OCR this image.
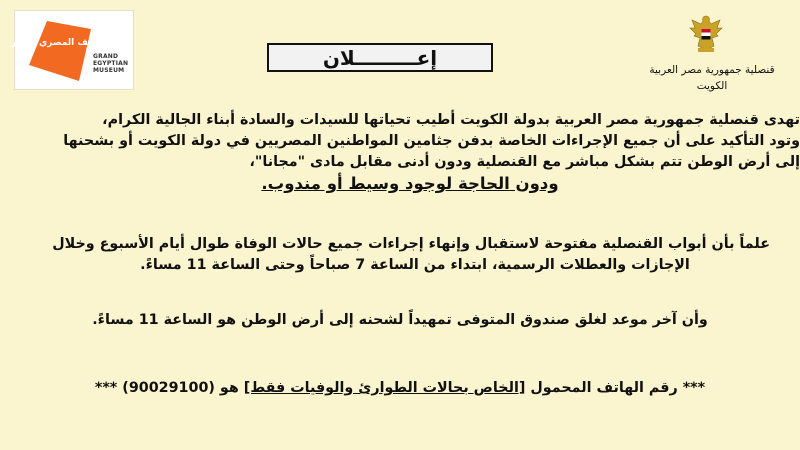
المتحف المصري الكبير
GRAND
EGYPTIAN
MUSEUM
إعـــــــــلان
قنصلية جمهورية مصر العربية
الكويت
تهدى قنصلية جمهورية مصر العربية بدولة الكويت أطيب تحياتها للسيدات والسادة أبناء الجالية الكرام،
وتود التأكيد على أن جميع الإجراءات الخاصة بدفن جثامين المواطنين المصريين في دولة الكويت أو بشحنها
إلى أرض الوطن تتم بشكل مباشر مع القنصلية ودون أدنى مقابل مادى "مجانا"،
ودون الحاجة لوجود وسيط أو مندوب.
علماً بأن أبواب القنصلية مفتوحة لاستقبال وإنهاء إجراءات جميع حالات الوفاة طوال أيام الأسبوع وخلال
الإجازات والعطلات الرسمية، ابتداء من الساعة 7 صباحاً وحتى الساعة 11 مساءً.
وأن آخر موعد لغلق صندوق المتوفى تمهيداً لشحنه إلى أرض الوطن هو الساعة 11 مساءً.
*** رقم الهاتف المحمول [الخاص بحالات الطوارئ والوفيات فقط] هو (90029100) ***
